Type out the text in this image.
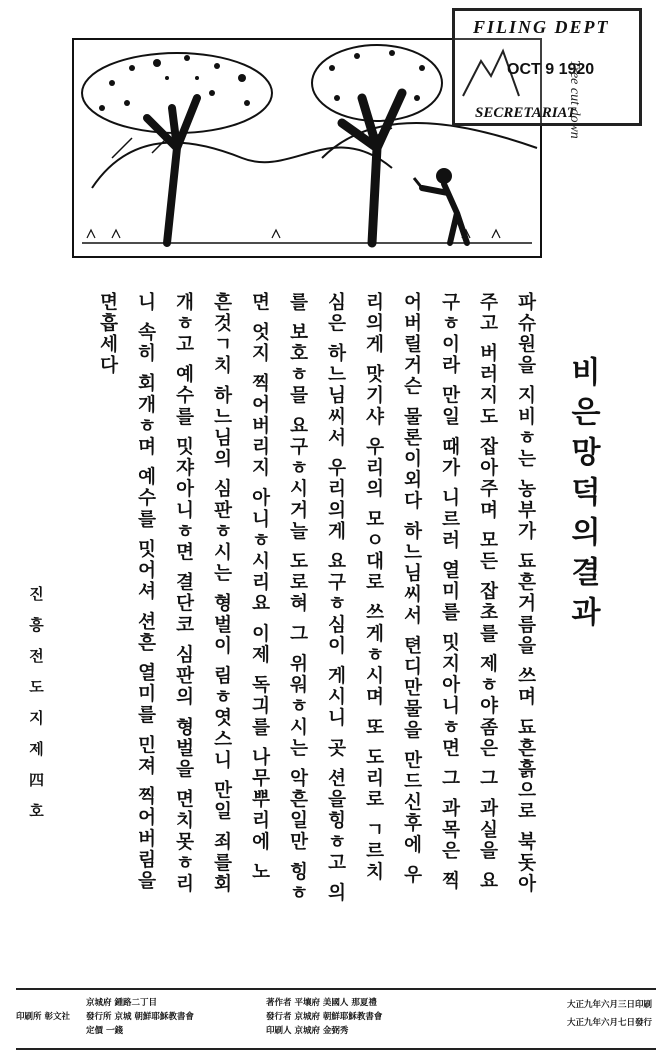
FILING DEPT
OCT 9 1920
SECRETARIAT
Tree cut down
비은망덕의결과
파슈원을 지비ㅎ는 농부가 됴흔거름을 쓰며 됴흔흙으로 북돗아
주고 버러지도 잡아주며 모든 잡초를 제ㅎ야좀은 그 과실을 요
구ㅎ이라 만일 때가 니르러 열미를 밋지아니ㅎ면 그 과목은 찍
어버릴거슨 물론이외다 하느님씨서 텬디만물을 만드신후에 우
리의게 맛기샤 우리의 모ㅇ대로 쓰게ㅎ시며 또 도리로 ㄱ르치
심은 하느님씨서 우리의게 요구ㅎ심이 게시니 곳 션을힝ㅎ고 의
를 보호ㅎ믈 요구ㅎ시거늘 도로혀 그 위워ㅎ시는 악흔일만 힝ㅎ
면 엇지 찍어버리지 아니ㅎ시리요 이제 독긔를 나무뿌리에 노
흔것ㄱ치 하느님의 심판ㅎ시는 형벌이 림ㅎ엿스니 만일 죄를회
개ㅎ고 예수를 밋쟈아니ㅎ면 결단코 심판의 형벌을 면치못ㅎ리
니 속히 회개ㅎ며 예수를 밋어셔 션흔 열미를 민져 찍어버림을
면흡세다
진흥전도지제四호
大正九年六月三日印刷
大正九年六月七日發行
著作者 平壤府 美國人 那夏禮
發行者 京城府 朝鮮耶穌教書會
印刷人 京城府 金弼秀
京城府 鍾路二丁目
發行所 京城 朝鮮耶穌教書會
定價 一錢
印刷所 彰文社
